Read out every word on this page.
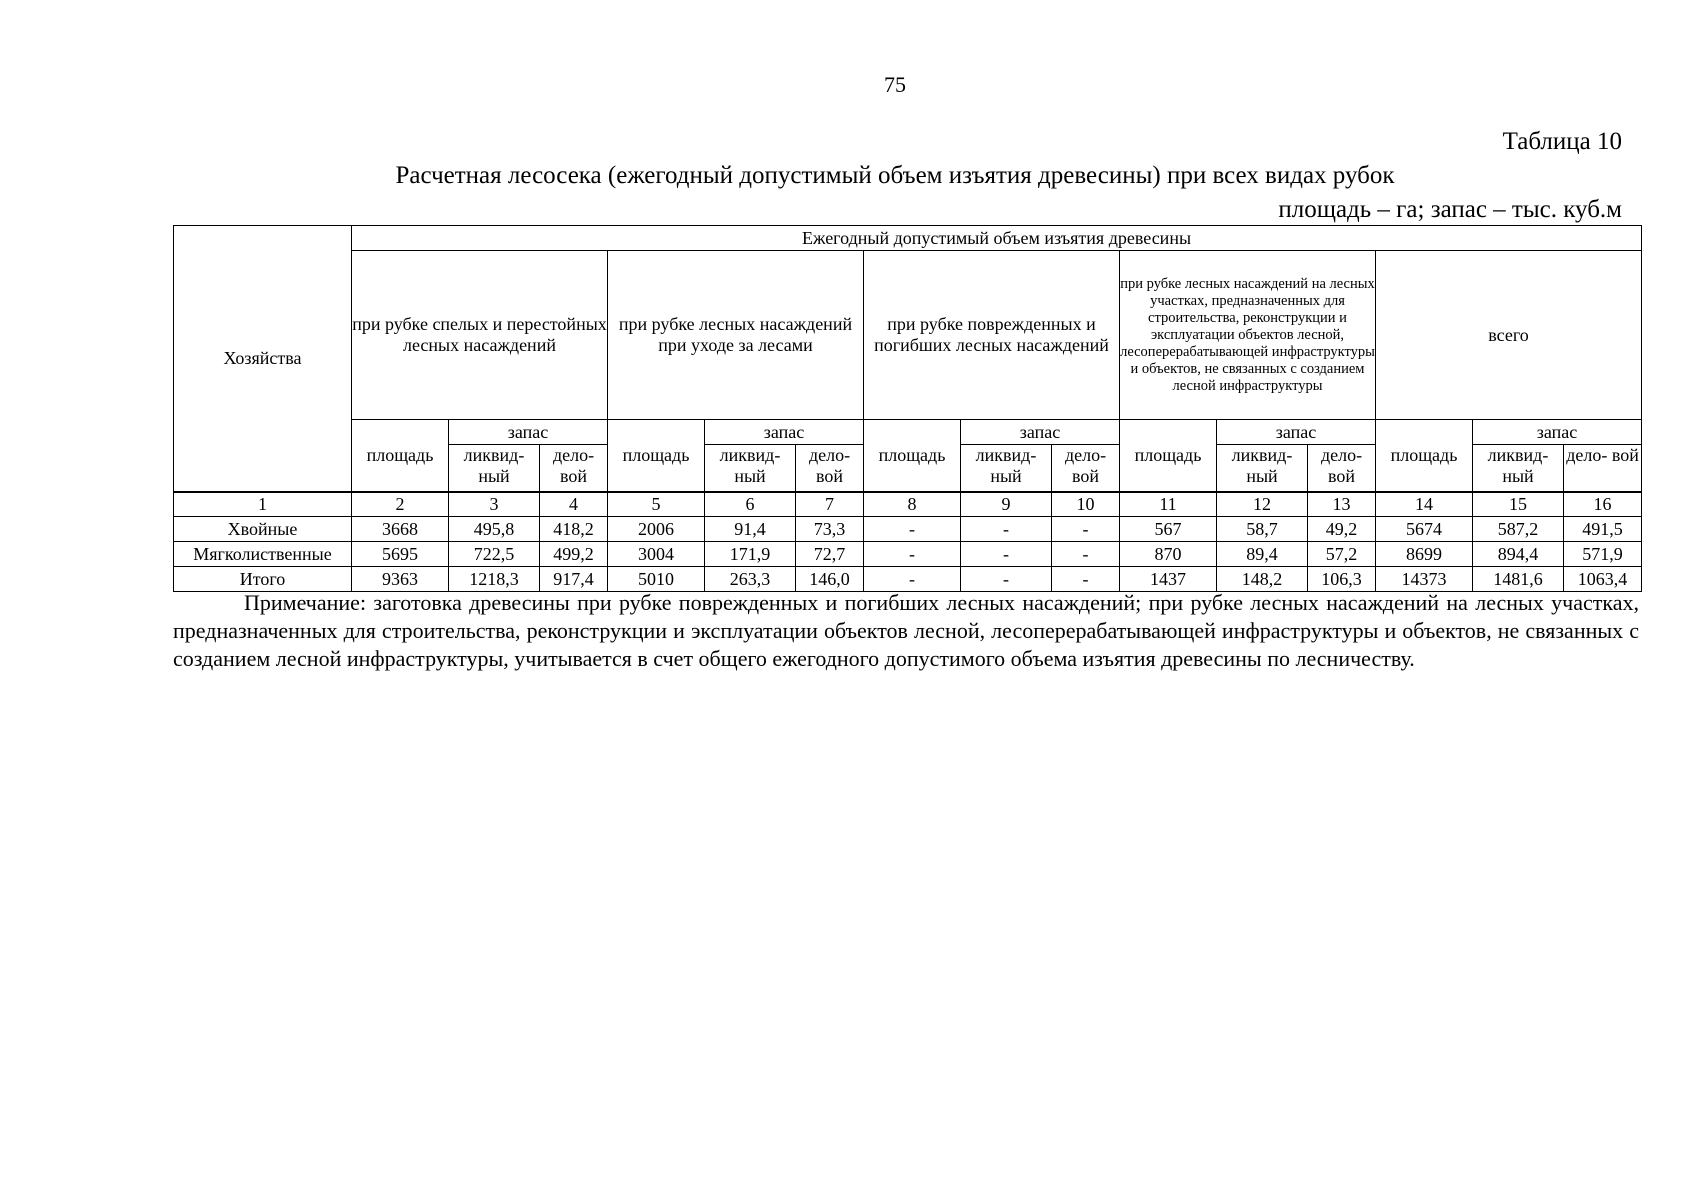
75
Таблица 10
Расчетная лесосека (ежегодный допустимый объем изъятия древесины) при всех видах рубок
площадь – га; запас – тыс. куб.м
Хозяйства	Ежегодный допустимый объем изъятия древесины														

	при рубке спелых и перестойных лесных насаждений			при рубке лесных насаждений при уходе за лесами			при рубке поврежденных и погибших лесных насаждений			при рубке лесных насаждений на лесных участках, предназначенных для строительства, реконструкции и эксплуатации объектов лесной, лесоперерабатывающей инфраструктуры и объектов, не связанных с созданием лесной инфраструктуры			всего		

	площадь	запас		площадь	запас		площадь	запас		площадь	запас		площадь	запас	
		ликвид- ный	дело- вой		ликвид- ный	дело- вой		ликвид- ный	дело- вой		ликвид- ный	дело- вой		ликвид- ный	дело- вой
1	2	3	4	5	6	7	8	9	10	11	12	13	14	15	16
Хвойные	3668	495,8	418,2	2006	91,4	73,3	-	-	-	567	58,7	49,2	5674	587,2	491,5
Мягколиственные	5695	722,5	499,2	3004	171,9	72,7	-	-	-	870	89,4	57,2	8699	894,4	571,9
Итого	9363	1218,3	917,4	5010	263,3	146,0	-	-	-	1437	148,2	106,3	14373	1481,6	1063,4
Примечание: заготовка древесины при рубке поврежденных и погибших лесных насаждений; при рубке лесных насаждений на лесных участках, предназначенных для строительства, реконструкции и эксплуатации объектов лесной, лесоперерабатывающей инфраструктуры и объектов, не связанных с созданием лесной инфраструктуры, учитывается в счет общего ежегодного допустимого объема изъятия древесины по лесничеству.
